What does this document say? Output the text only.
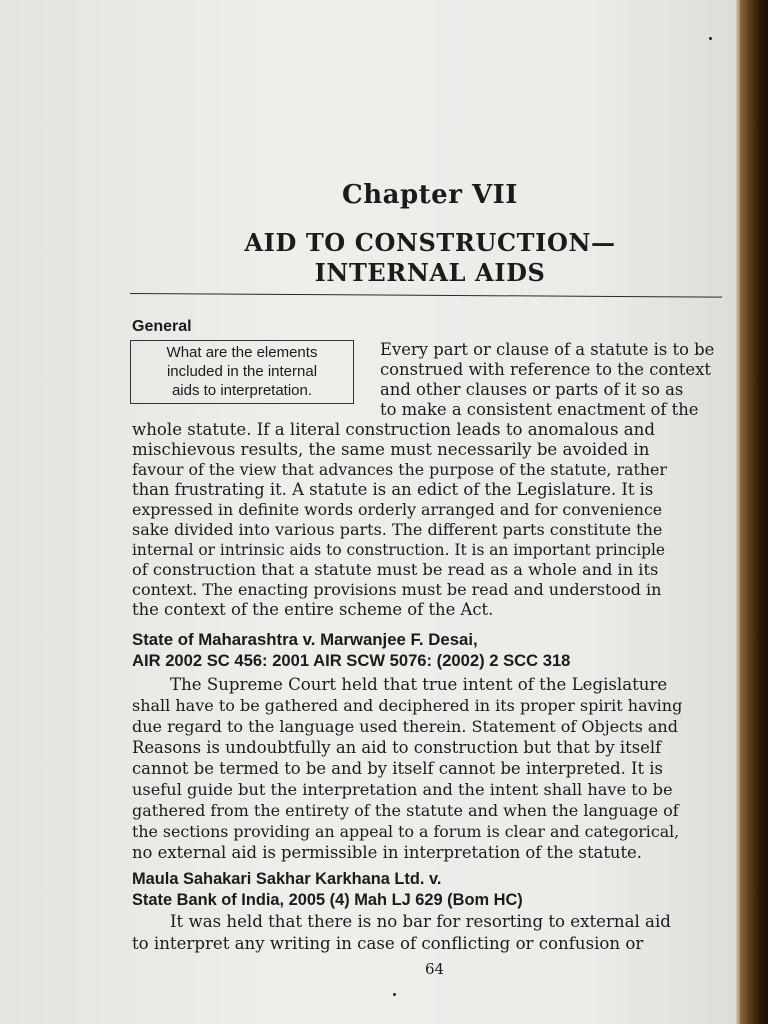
Chapter VII
AID TO CONSTRUCTION—
INTERNAL AIDS
General
What are the elements
included in the internal
aids to interpretation.
Every part or clause of a statute is to be
construed with reference to the context
and other clauses or parts of it so as
to make a consistent enactment of the
whole statute. If a literal construction leads to anomalous and
mischievous results, the same must necessarily be avoided in
favour of the view that advances the purpose of the statute, rather
than frustrating it. A statute is an edict of the Legislature. It is
expressed in definite words orderly arranged and for convenience
sake divided into various parts. The different parts constitute the
internal or intrinsic aids to construction. It is an important principle
of construction that a statute must be read as a whole and in its
context. The enacting provisions must be read and understood in
the context of the entire scheme of the Act.
State of Maharashtra v. Marwanjee F. Desai,
AIR 2002 SC 456: 2001 AIR SCW 5076: (2002) 2 SCC 318
The Supreme Court held that true intent of the Legislature
shall have to be gathered and deciphered in its proper spirit having
due regard to the language used therein. Statement of Objects and
Reasons is undoubtfully an aid to construction but that by itself
cannot be termed to be and by itself cannot be interpreted. It is
useful guide but the interpretation and the intent shall have to be
gathered from the entirety of the statute and when the language of
the sections providing an appeal to a forum is clear and categorical,
no external aid is permissible in interpretation of the statute.
Maula Sahakari Sakhar Karkhana Ltd. v.
State Bank of India, 2005 (4) Mah LJ 629 (Bom HC)
It was held that there is no bar for resorting to external aid
to interpret any writing in case of conflicting or confusion or
64
